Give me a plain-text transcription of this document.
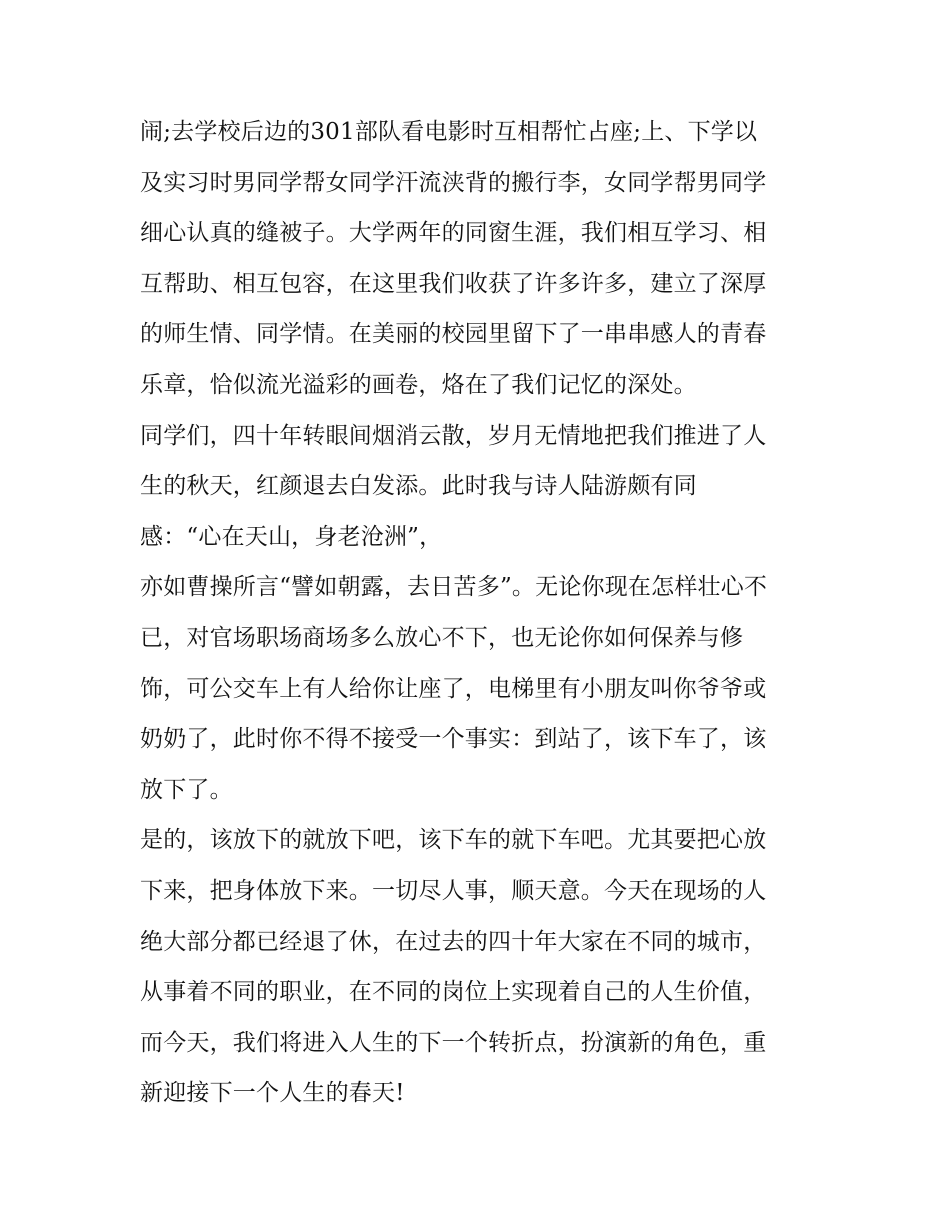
闹;去学校后边的301部队看电影时互相帮忙占座;上、下学以
及实习时男同学帮女同学汗流浃背的搬行李，女同学帮男同学
细心认真的缝被子。大学两年的同窗生涯，我们相互学习、相
互帮助、相互包容，在这里我们收获了许多许多，建立了深厚
的师生情、同学情。在美丽的校园里留下了一串串感人的青春
乐章，恰似流光溢彩的画卷，烙在了我们记忆的深处。
同学们，四十年转眼间烟消云散，岁月无情地把我们推进了人
生的秋天，红颜退去白发添。此时我与诗人陆游颇有同
感：“心在天山，身老沧洲”，
亦如曹操所言“譬如朝露，去日苦多”。无论你现在怎样壮心不
已，对官场职场商场多么放心不下，也无论你如何保养与修
饰，可公交车上有人给你让座了，电梯里有小朋友叫你爷爷或
奶奶了，此时你不得不接受一个事实：到站了，该下车了，该
放下了。
是的，该放下的就放下吧，该下车的就下车吧。尤其要把心放
下来，把身体放下来。一切尽人事，顺天意。今天在现场的人
绝大部分都已经退了休，在过去的四十年大家在不同的城市，
从事着不同的职业，在不同的岗位上实现着自己的人生价值，
而今天，我们将进入人生的下一个转折点，扮演新的角色，重
新迎接下一个人生的春天!
